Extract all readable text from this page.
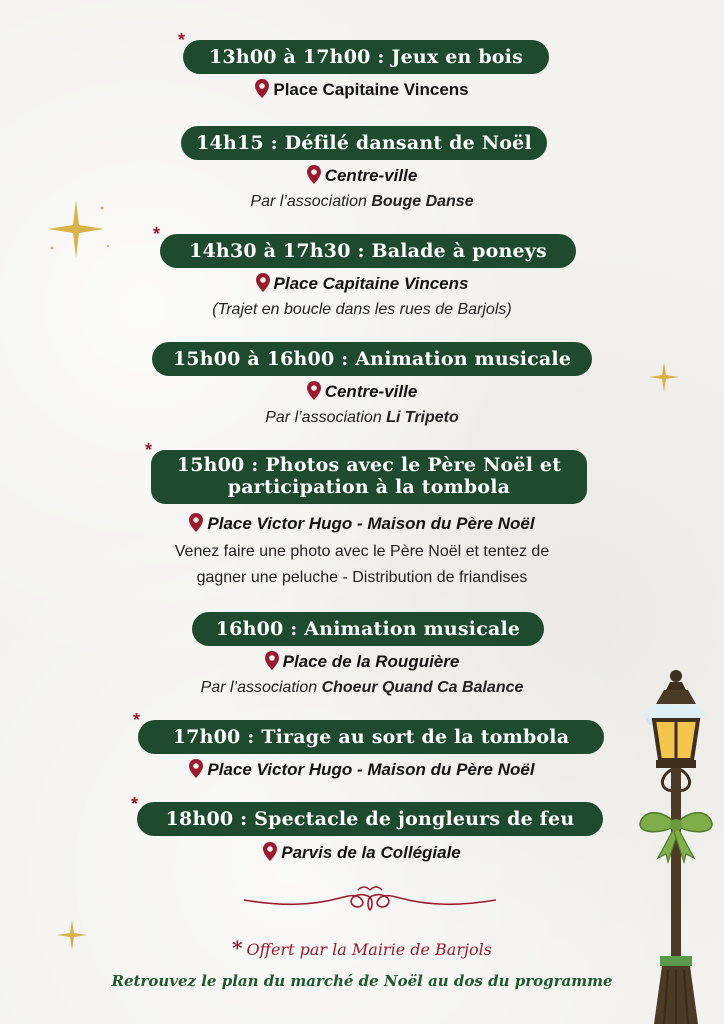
*
13h00 à 17h00 : Jeux en bois
Place Capitaine Vincens
14h15 : Défilé dansant de Noël
Centre-ville
Par l’association Bouge Danse
*
14h30 à 17h30 : Balade à poneys
Place Capitaine Vincens
(Trajet en boucle dans les rues de Barjols)
15h00 à 16h00 : Animation musicale
Centre-ville
Par l’association Li Tripeto
*
15h00 : Photos avec le Père Noël et
participation à la tombola
Place Victor Hugo - Maison du Père Noël
Venez faire une photo avec le Père Noël et tentez de
gagner une peluche - Distribution de friandises
16h00 : Animation musicale
Place de la Rouguière
Par l’association Choeur Quand Ca Balance
*
17h00 : Tirage au sort de la tombola
Place Victor Hugo - Maison du Père Noël
*
18h00 : Spectacle de jongleurs de feu
Parvis de la Collégiale
* Offert par la Mairie de Barjols
Retrouvez le plan du marché de Noël au dos du programme
